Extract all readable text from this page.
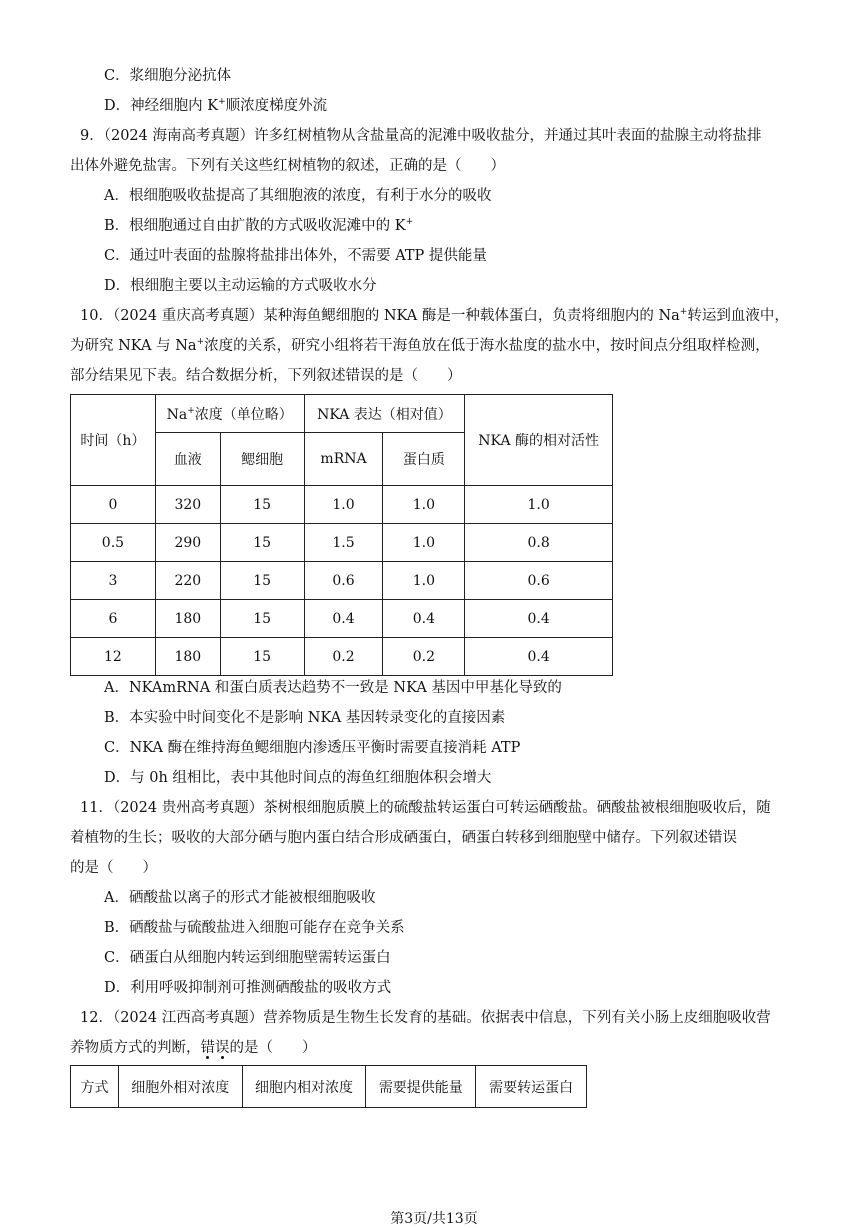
C．浆细胞分泌抗体
D．神经细胞内 K+顺浓度梯度外流
9．（2024 海南高考真题）许多红树植物从含盐量高的泥滩中吸收盐分，并通过其叶表面的盐腺主动将盐排
出体外避免盐害。下列有关这些红树植物的叙述，正确的是（　　）
A．根细胞吸收盐提高了其细胞液的浓度，有利于水分的吸收
B．根细胞通过自由扩散的方式吸收泥滩中的 K+
C．通过叶表面的盐腺将盐排出体外，不需要 ATP 提供能量
D．根细胞主要以主动运输的方式吸收水分
10．（2024 重庆高考真题）某种海鱼鳃细胞的 NKA 酶是一种载体蛋白，负责将细胞内的 Na+转运到血液中，
为研究 NKA 与 Na+浓度的关系，研究小组将若干海鱼放在低于海水盐度的盐水中，按时间点分组取样检测，
部分结果见下表。结合数据分析，下列叙述错误的是（　　）
时间（h）	Na+浓度（单位略）		NKA 表达（相对值）		NKA 酶的相对活性
	血液	鳃细胞	mRNA	蛋白质	
0	320	15	1.0	1.0	1.0
0.5	290	15	1.5	1.0	0.8
3	220	15	0.6	1.0	0.6
6	180	15	0.4	0.4	0.4
12	180	15	0.2	0.2	0.4
A．NKAmRNA 和蛋白质表达趋势不一致是 NKA 基因中甲基化导致的
B．本实验中时间变化不是影响 NKA 基因转录变化的直接因素
C．NKA 酶在维持海鱼鳃细胞内渗透压平衡时需要直接消耗 ATP
D．与 0h 组相比，表中其他时间点的海鱼红细胞体积会增大
11．（2024 贵州高考真题）茶树根细胞质膜上的硫酸盐转运蛋白可转运硒酸盐。硒酸盐被根细胞吸收后，随
着植物的生长；吸收的大部分硒与胞内蛋白结合形成硒蛋白，硒蛋白转移到细胞壁中储存。下列叙述错误
的是（　　）
A．硒酸盐以离子的形式才能被根细胞吸收
B．硒酸盐与硫酸盐进入细胞可能存在竞争关系
C．硒蛋白从细胞内转运到细胞壁需转运蛋白
D．利用呼吸抑制剂可推测硒酸盐的吸收方式
12．（2024 江西高考真题）营养物质是生物生长发育的基础。依据表中信息，下列有关小肠上皮细胞吸收营
养物质方式的判断，错误的是（　　）
方式	细胞外相对浓度	细胞内相对浓度	需要提供能量	需要转运蛋白
第3页/共13页
